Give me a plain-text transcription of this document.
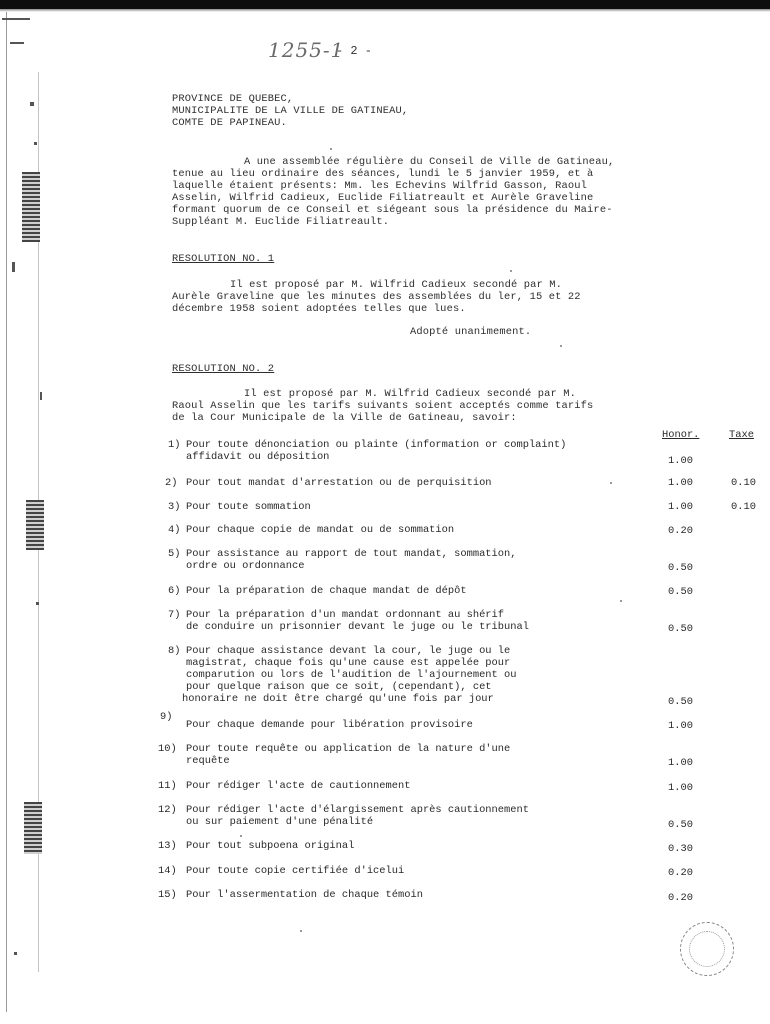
1255-1
- 2 -
PROVINCE DE QUEBEC,
MUNICIPALITE DE LA VILLE DE GATINEAU,
COMTE DE PAPINEAU.
A une assemblée régulière du Conseil de Ville de Gatineau,
tenue au lieu ordinaire des séances, lundi le 5 janvier 1959, et à
laquelle étaient présents: Mm. les Echevins Wilfrid Gasson, Raoul
Asselin, Wilfrid Cadieux, Euclide Filiatreault et Aurèle Graveline
formant quorum de ce Conseil et siégeant sous la présidence du Maire-
Suppléant M. Euclide Filiatreault.
RESOLUTION NO. 1
Il est proposé par M. Wilfrid Cadieux secondé par M.
Aurèle Graveline que les minutes des assemblées du ler, 15 et 22
décembre 1958 soient adoptées telles que lues.
Adopté unanimement.
RESOLUTION NO. 2
Il est proposé par M. Wilfrid Cadieux secondé par M.
Raoul Asselin que les tarifs suivants soient acceptés comme tarifs
de la Cour Municipale de la Ville de Gatineau, savoir:
Honor.	Taxe
1) Pour toute dénonciation ou plainte (information or complaint)
affidavit ou déposition	1.00
2) Pour tout mandat d'arrestation ou de perquisition	1.00	0.10
3) Pour toute sommation	1.00	0.10
4) Pour chaque copie de mandat ou de sommation	0.20
5) Pour assistance au rapport de tout mandat, sommation,
ordre ou ordonnance	0.50
6) Pour la préparation de chaque mandat de dépôt	0.50
7) Pour la préparation d'un mandat ordonnant au shérif
de conduire un prisonnier devant le juge ou le tribunal	0.50
8) Pour chaque assistance devant la cour, le juge ou le
magistrat, chaque fois qu'une cause est appelée pour
comparution ou lors de l'audition de l'ajournement ou
pour quelque raison que ce soit, (cependant), cet
honoraire ne doit être chargé qu'une fois par jour	0.50
9)
Pour chaque demande pour libération provisoire	1.00
10) Pour toute requête ou application de la nature d'une
requête	1.00
11) Pour rédiger l'acte de cautionnement	1.00
12) Pour rédiger l'acte d'élargissement après cautionnement
ou sur paiement d'une pénalité	0.50
13) Pour tout subpoena original	0.30
14) Pour toute copie certifiée d'icelui	0.20
15) Pour l'assermentation de chaque témoin	0.20
